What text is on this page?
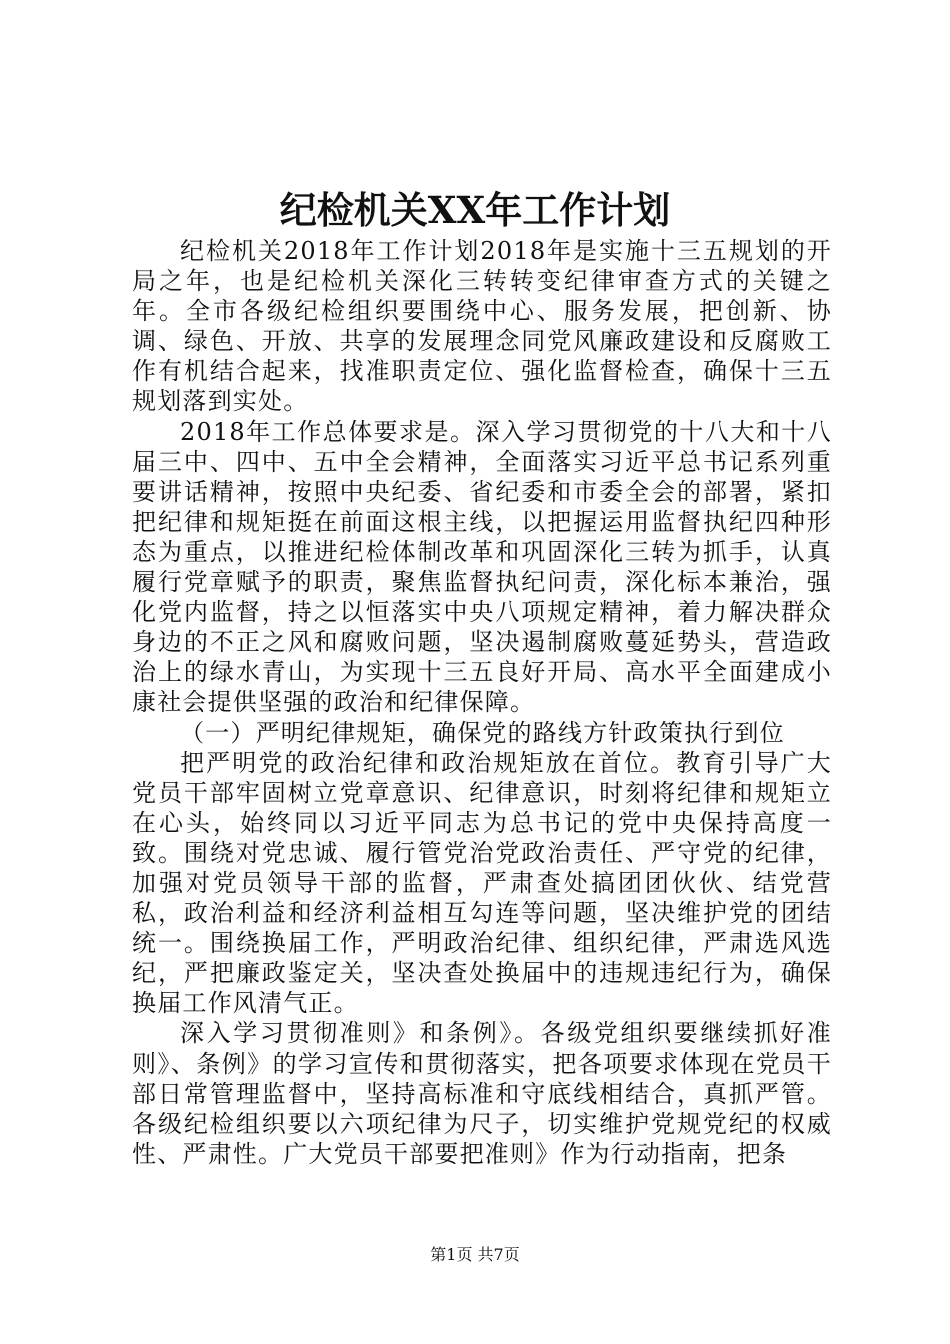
纪检机关XX年工作计划

纪检机关2018年工作计划2018年是实施十三五规划的开局之年，也是纪检机关深化三转转变纪律审查方式的关键之年。全市各级纪检组织要围绕中心、服务发展，把创新、协调、绿色、开放、共享的发展理念同党风廉政建设和反腐败工作有机结合起来，找准职责定位、强化监督检查，确保十三五规划落到实处。

2018年工作总体要求是。深入学习贯彻党的十八大和十八届三中、四中、五中全会精神，全面落实习近平总书记系列重要讲话精神，按照中央纪委、省纪委和市委全会的部署，紧扣把纪律和规矩挺在前面这根主线，以把握运用监督执纪四种形态为重点，以推进纪检体制改革和巩固深化三转为抓手，认真履行党章赋予的职责，聚焦监督执纪问责，深化标本兼治，强化党内监督，持之以恒落实中央八项规定精神，着力解决群众身边的不正之风和腐败问题，坚决遏制腐败蔓延势头，营造政治上的绿水青山，为实现十三五良好开局、高水平全面建成小康社会提供坚强的政治和纪律保障。

（一）严明纪律规矩，确保党的路线方针政策执行到位

把严明党的政治纪律和政治规矩放在首位。教育引导广大党员干部牢固树立党章意识、纪律意识，时刻将纪律和规矩立在心头，始终同以习近平同志为总书记的党中央保持高度一致。围绕对党忠诚、履行管党治党政治责任、严守党的纪律，加强对党员领导干部的监督，严肃查处搞团团伙伙、结党营私，政治利益和经济利益相互勾连等问题，坚决维护党的团结统一。围绕换届工作，严明政治纪律、组织纪律，严肃选风选纪，严把廉政鉴定关，坚决查处换届中的违规违纪行为，确保换届工作风清气正。

深入学习贯彻准则》和条例》。各级党组织要继续抓好准则》、条例》的学习宣传和贯彻落实，把各项要求体现在党员干部日常管理监督中，坚持高标准和守底线相结合，真抓严管。各级纪检组织要以六项纪律为尺子，切实维护党规党纪的权威性、严肃性。广大党员干部要把准则》作为行动指南，把条

第1页 共7页
